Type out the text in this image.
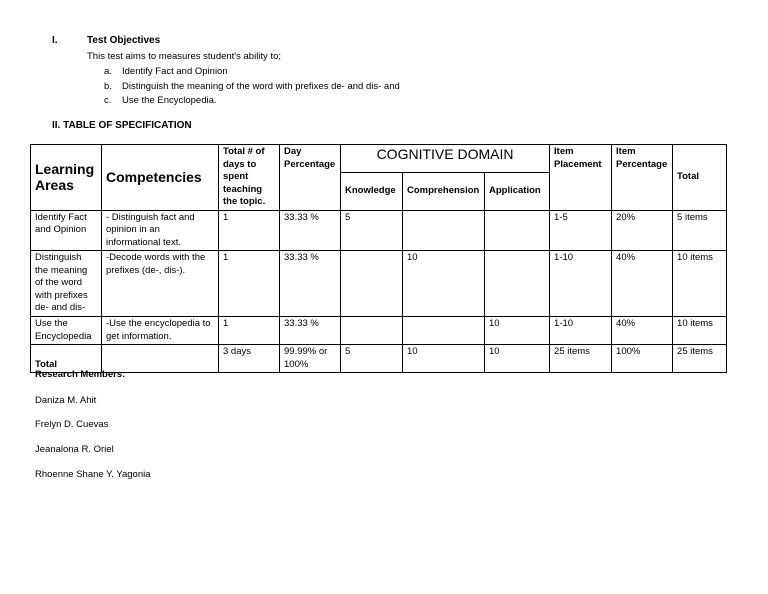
I.	Test Objectives
This test aims to measures student's ability to;
a. Identify Fact and Opinion
b. Distinguish the meaning of the word with prefixes de- and dis- and
c. Use the Encyclopedia.
II. TABLE OF SPECIFICATION
Learning Areas	Competencies	Total # of days to spent teaching the topic.	Day Percentage	COGNITIVE DOMAIN			Item Placement	Item Percentage	Total
				Knowledge	Comprehension	Application			
Identify Fact and Opinion	- Distinguish fact and opinion in an informational text.	1	33.33 %	5			1-5	20%	5 items
Distinguish the meaning of the word with prefixes de- and dis-	-Decode words with the prefixes (de-, dis-).	1	33.33 %		10		1-10	40%	10 items
Use the Encyclopedia	-Use the encyclopedia to get information.	1	33.33 %			10	1-10	40%	10 items
Total		3 days	99.99% or 100%	5	10	10	25 items	100%	25 items
Research Members:
Daniza M. Ahit
Frelyn D. Cuevas
Jeanalona R. Oriel
Rhoenne Shane Y. Yagonia
